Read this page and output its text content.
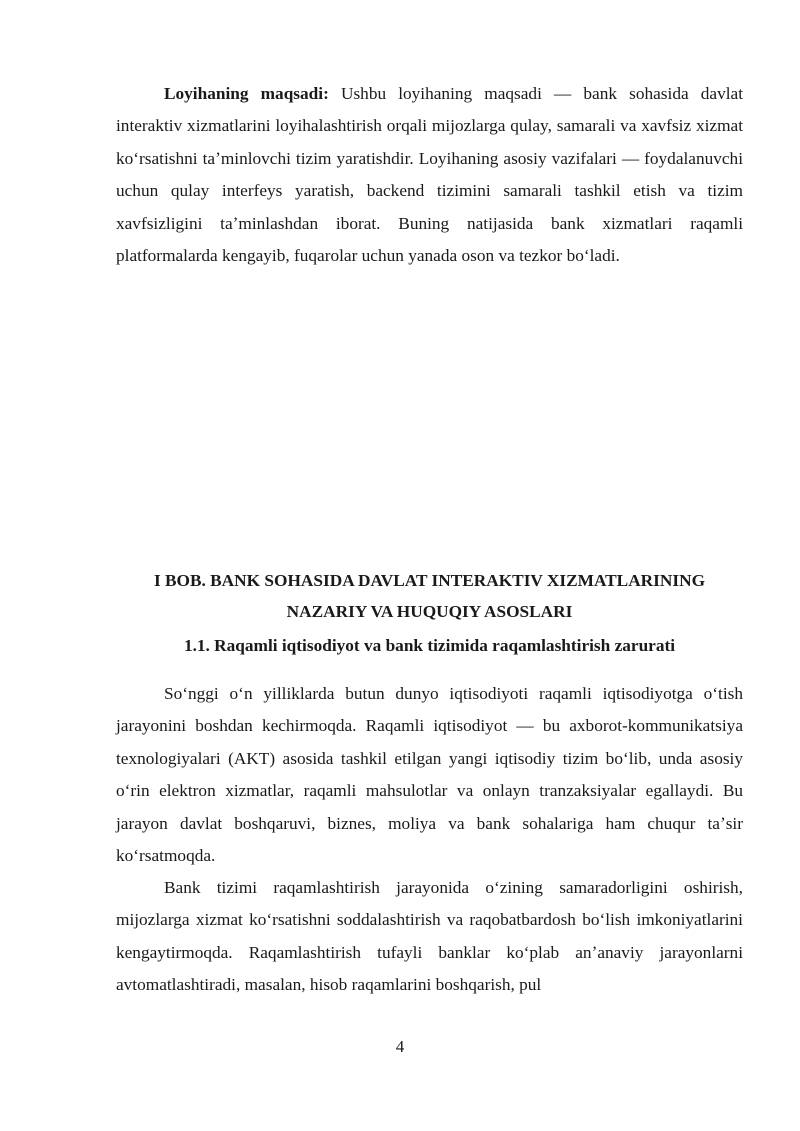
Loyihaning maqsadi: Ushbu loyihaning maqsadi — bank sohasida davlat interaktiv xizmatlarini loyihalashtirish orqali mijozlarga qulay, samarali va xavfsiz xizmat koʻrsatishni taʼminlovchi tizim yaratishdir. Loyihaning asosiy vazifalari — foydalanuvchi uchun qulay interfeys yaratish, backend tizimini samarali tashkil etish va tizim xavfsizligini taʼminlashdan iborat. Buning natijasida bank xizmatlari raqamli platformalarda kengayib, fuqarolar uchun yanada oson va tezkor boʻladi.

I BOB. BANK SOHASIDA DAVLAT INTERAKTIV XIZMATLARINING
NAZARIY VA HUQUQIY ASOSLARI
1.1. Raqamli iqtisodiyot va bank tizimida raqamlashtirish zarurati

Soʻnggi oʻn yilliklarda butun dunyo iqtisodiyoti raqamli iqtisodiyotga oʻtish jarayonini boshdan kechirmoqda. Raqamli iqtisodiyot — bu axborot-kommunikatsiya texnologiyalari (AKT) asosida tashkil etilgan yangi iqtisodiy tizim boʻlib, unda asosiy oʻrin elektron xizmatlar, raqamli mahsulotlar va onlayn tranzaksiyalar egallaydi. Bu jarayon davlat boshqaruvi, biznes, moliya va bank sohalariga ham chuqur taʼsir koʻrsatmoqda.

Bank tizimi raqamlashtirish jarayonida oʻzining samaradorligini oshirish, mijozlarga xizmat koʻrsatishni soddalashtirish va raqobatbardosh boʻlish imkoniyatlarini kengaytirmoqda. Raqamlashtirish tufayli banklar koʻplab anʼanaviy jarayonlarni avtomatlashtiradi, masalan, hisob raqamlarini boshqarish, pul

4
